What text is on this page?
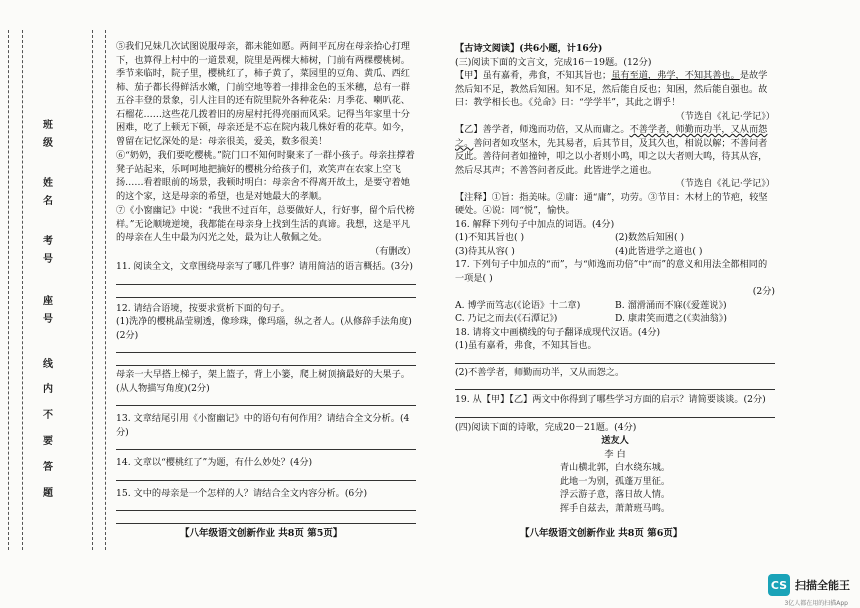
班
级
姓
名
考
号
座
号
线
内
不
要
答
题

⑤我们兄妹几次试图说服母亲，都未能如愿。两间平瓦房在母亲拾心打理下，也算得上村中的一道景观，院里是两棵大柿树，门前有两棵樱桃树。季节来临时，院子里，樱桃红了，柿子黄了，菜园里的豆角、黄瓜、西红柿、茄子都长得鲜活水嫩，门前空地等着一排排金色的玉米穗，总有一群五谷丰登的景象，引人注目的还有院里院外各种花朵：月季花、喇叭花、石榴花……这些花几拨着旧的房屋村托得亮丽而风采。记得当年家里十分困难，吃了上顿无下顿，母亲还是不忘在院内栽几株好看的花草。如今，曾留在记忆深处的是：母亲很美，爱美，数多很美！

⑥“奶奶，我们要吃樱桃。”院门口不知何时聚来了一群小孩子。母亲拄撑着凳子站起来，乐呵呵地把摘好的樱桃分给孩子们，欢笑声在农家上空飞扬……看着眼前的场景，我顿时明白：母亲舍不得离开故土，是要守着她的这个家，这是母亲的希望，也是对她最大的孝顺。

⑦《小窗幽记》中说：“我世不过百年，总要做好人，行好事，留个后代榜样。”无论顺境逆境，我都能在母亲身上找到生活的真谛。我想，这是平凡的母亲在人生中最为闪光之处，最为让人敬佩之处。

（有删改）

11. 阅读全文，文章围绕母亲写了哪几件事？请用简洁的语言概括。(3分)

12. 请结合语境，按要求赏析下面的句子。

(1)洗净的樱桃晶莹剔透，像珍珠，像玛瑙，纵之者人。(从修辞手法角度)(2分)

母亲一大早搭上梯子，架上篮子，背上小篓，爬上树顶摘最好的大果子。(从人物描写角度)(2分)

13. 文章结尾引用《小窗幽记》中的语句有何作用？请结合全文分析。(4分)

14. 文章以“樱桃红了”为题，有什么妙处？(4分)

15. 文中的母亲是一个怎样的人？请结合全文内容分析。(6分)

【八年级语文创新作业 共8页 第5页】

【古诗文阅读】(共6小题，计16分)

(三)阅读下面的文言文，完成16－19题。(12分)

【甲】虽有嘉肴，弗食，不知其旨也；虽有至道，弗学，不知其善也。是故学然后知不足，教然后知困。知不足，然后能自反也；知困，然后能自强也。故曰：教学相长也。《兑命》曰：“学学半”，其此之谓乎！

（节选自《礼记·学记》）

【乙】善学者，师逸而功倍，又从而庸之。不善学者，师勤而功半，又从而怨之。善问者如攻坚木，先其易者，后其节目，及其久也，相说以解；不善问者反此。善待问者如撞钟，叩之以小者则小鸣，叩之以大者则大鸣，待其从容，然后尽其声；不善答问者反此。此皆进学之道也。

（节选自《礼记·学记》）

【注释】①旨：指美味。②庸：通“庸”，功劳。③节目：木材上的节疤，较坚硬处。④说：同“悦”，愉快。

16. 解释下列句子中加点的词语。(4分)

(1)不知其旨也( )	(2)数然后知困( )
(3)待其从容( )	(4)此皆进学之道也( )

17. 下列句子中加点的“而”，与“师逸而功倍”中“而”的意义和用法全都相同的一项是( )

(2分)

A. 博学而笃志(《论语》十二章)	B. 溜滑涌而不寐(《爱莲说》)
C. 乃记之而去(《石潭记》)	D. 康肃笑而遣之(《卖油翁》)

18. 请将文中画横线的句子翻译成现代汉语。(4分)

(1)虽有嘉肴，弗食，不知其旨也。

(2)不善学者，师勤而功半，又从而怨之。

19. 从【甲】【乙】两文中你得到了哪些学习方面的启示？请简要谈谈。(2分)

(四)阅读下面的诗歌，完成20－21题。(4分)

送友人

李 白

青山横北郭，白水绕东城。

此地一为别，孤蓬万里征。

浮云游子意，落日故人情。

挥手自兹去，萧萧班马鸣。

【八年级语文创新作业 共8页 第6页】
CS 扫描全能王
3亿人都在用的扫描App
